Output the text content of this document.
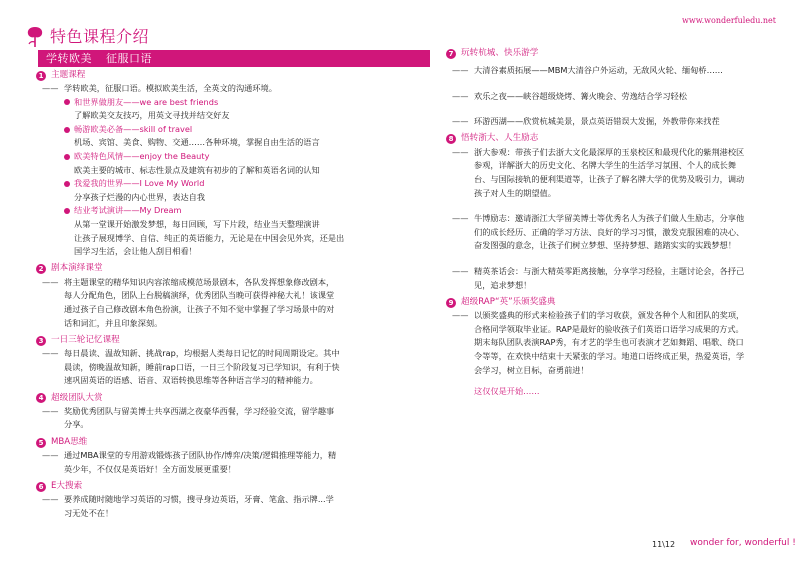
特色课程介绍
www.wonderfuledu.net
学转欧美 征服口语
1 主题课程
—— 学转欧美，征服口语。模拟欧美生活，全英文的沟通环境。
和世界做朋友——we are best friends
了解欧美交友技巧，用英文寻找并结交好友
畅游欧美必备——skill of travel
机场、宾馆、美食、购物、交通……各种环境，掌握自由生活的语言
欧美特色风情——enjoy the Beauty
欧美主要的城市、标志性景点及建筑有初步的了解和英语名词的认知
我爱我的世界——I Love My World
分享孩子烂漫的内心世界，表达自我
结业考试演讲——My Dream
从第一堂课开始激发梦想，每日回顾，写下片段，结业当天整理演讲
让孩子展现博学、自信、纯正的英语能力，无论是在中国会见外宾，还是出
国学习生活，会让他人刮目相看！
2 剧本演绎课堂
—— 将主题课堂的精华知识内容浓缩成模范场景剧本，各队发挥想象修改剧本，
每人分配角色，团队上台脱稿演绎，优秀团队当晚可获得神秘大礼！该课堂
通过孩子自己修改剧本角色扮演，让孩子不知不觉中掌握了学习场景中的对
话和词汇，并且印象深刻。
3 一日三轮记忆课程
—— 每日晨读、温故知新、挑战rap，均根据人类每日记忆的时间周期设定。其中
晨读，傍晚温故知新，睡前rap口语，一日三个阶段复习已学知识，有利于快
速巩固英语的语感、语音、双语转换思维等各种语言学习的精神能力。
4 超级团队大赏
—— 奖励优秀团队与留美博士共享西湖之夜豪华西餐，学习经验交流，留学趣事
分享。
5 MBA思维
—— 通过MBA课堂的专用游戏锻炼孩子团队协作/博弈/决策/逻辑推理等能力，精
英少年，不仅仅是英语好！全方面发展更重要！
6 E大搜索
—— 要养成随时随地学习英语的习惯，搜寻身边英语，牙膏、笔盒、指示牌...学
习无处不在！
7 玩转杭城、快乐游学
—— 大清谷素质拓展——MBM大清谷户外运动，无敌风火轮、缅甸桥……
—— 欢乐之夜——峡谷超级烧烤、篝火晚会、劳逸结合学习轻松
—— 环游西湖——欣赏杭城美景，景点英语错误大发掘，外教带你来找茬
8 悟转浙大、人生励志
—— 浙大参观：带孩子们去浙大文化最深厚的玉泉校区和最现代化的紫荆港校区
参观，详解浙大的历史文化、名牌大学生的生活学习氛围、个人的成长舞
台、与国际接轨的便利渠道等，让孩子了解名牌大学的优势及吸引力，调动
孩子对人生的期望值。
—— 牛博励志：邀请浙江大学留美博士等优秀名人为孩子们做人生励志，分享他
们的成长经历、正确的学习方法、良好的学习习惯，激发克服困难的决心、
奋发图强的意念，让孩子们树立梦想、坚持梦想、踏踏实实的实践梦想！
—— 精英茶话会：与浙大精英零距离接触，分享学习经验，主题讨论会，各抒己
见，追求梦想！
9 超级RAP“英”乐颁奖盛典
—— 以颁奖盛典的形式来检验孩子们的学习收获，颁发各种个人和团队的奖项，
合格同学领取毕业证。RAP是最好的验收孩子们英语口语学习成果的方式。
期末每队团队表演RAP秀，有才艺的学生也可表演才艺如舞蹈、唱歌、绕口
令等等，在欢快中结束十天紧张的学习。地道口语终成正果，热爱英语，学
会学习，树立目标，奋勇前进！
这仅仅是开始……
11\12 wonder for, wonderful !
